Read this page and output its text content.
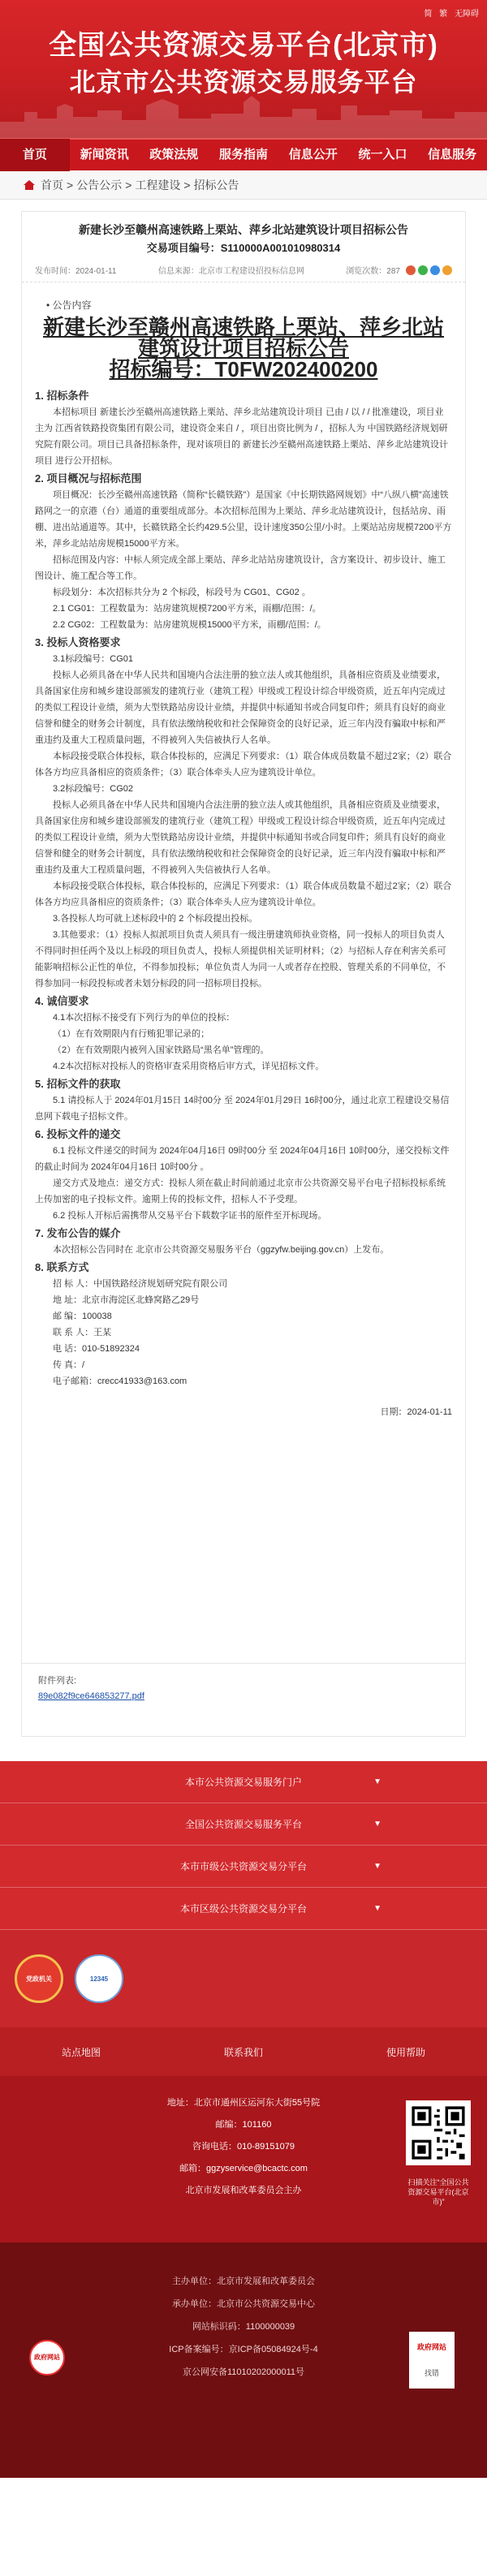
简 繁 无障碍
全国公共资源交易平台(北京市)
北京市公共资源交易服务平台
首页	新闻资讯	政策法规	服务指南	信息公开	统一入口	信息服务
首页 > 公告公示 > 工程建设 > 招标公告
新建长沙至赣州高速铁路上栗站、萍乡北站建筑设计项目招标公告
交易项目编号：S110000A001010980314
发布时间：2024-01-11	信息来源：北京市工程建设招投标信息网	浏览次数：287
• 公告内容
新建长沙至赣州高速铁路上栗站、萍乡北站建筑设计项目招标公告
招标编号：T0FW202400200
1. 招标条件
本招标项目 新建长沙至赣州高速铁路上栗站、萍乡北站建筑设计项目 已由 / 以 / / 批准建设，项目业主为 江西省铁路投资集团有限公司，建设资金来自 / ，项目出资比例为 / ，招标人为 中国铁路经济规划研究院有限公司。项目已具备招标条件，现对该项目的 新建长沙至赣州高速铁路上栗站、萍乡北站建筑设计项目 进行公开招标。
2. 项目概况与招标范围
项目概况：长沙至赣州高速铁路（简称“长赣铁路”）是国家《中长期铁路网规划》中“八纵八横”高速铁路网之一的京港（台）通道的重要组成部分。本次招标范围为上栗站、萍乡北站建筑设计，包括站房、雨棚、进出站通道等。其中，长赣铁路全长约429.5公里，设计速度350公里/小时。上栗站站房规模7200平方米，萍乡北站站房规模15000平方米。
招标范围及内容：中标人须完成全部上栗站、萍乡北站站房建筑设计，含方案设计、初步设计、施工图设计、施工配合等工作。
标段划分：本次招标共分为 2 个标段，标段号为 CG01、CG02 。
2.1 CG01：工程数量为：站房建筑规模7200平方米，雨棚/范围：/。
2.2 CG02：工程数量为：站房建筑规模15000平方米，雨棚/范围：/。
3. 投标人资格要求
3.1标段编号：CG01
投标人必须具备在中华人民共和国境内合法注册的独立法人或其他组织，具备相应资质及业绩要求，具备国家住房和城乡建设部颁发的建筑行业（建筑工程）甲级或工程设计综合甲级资质，近五年内完成过的类似工程设计业绩，须为大型铁路站房设计业绩，并提供中标通知书或合同复印件；须具有良好的商业信誉和健全的财务会计制度，具有依法缴纳税收和社会保障资金的良好记录，近三年内没有骗取中标和严重违约及重大工程质量问题，不得被列入失信被执行人名单。
本标段接受联合体投标，联合体投标的，应满足下列要求：（1）联合体成员数量不超过2家；（2）联合体各方均应具备相应的资质条件；（3）联合体牵头人应为建筑设计单位。
3.2标段编号：CG02
投标人必须具备在中华人民共和国境内合法注册的独立法人或其他组织，具备相应资质及业绩要求，具备国家住房和城乡建设部颁发的建筑行业（建筑工程）甲级或工程设计综合甲级资质，近五年内完成过的类似工程设计业绩，须为大型铁路站房设计业绩，并提供中标通知书或合同复印件；须具有良好的商业信誉和健全的财务会计制度，具有依法缴纳税收和社会保障资金的良好记录，近三年内没有骗取中标和严重违约及重大工程质量问题，不得被列入失信被执行人名单。
本标段接受联合体投标，联合体投标的，应满足下列要求：（1）联合体成员数量不超过2家；（2）联合体各方均应具备相应的资质条件；（3）联合体牵头人应为建筑设计单位。
3.各投标人均可就上述标段中的 2 个标段提出投标。
3.其他要求：（1）投标人拟派项目负责人须具有一级注册建筑师执业资格，同一投标人的项目负责人不得同时担任两个及以上标段的项目负责人，投标人须提供相关证明材料；（2）与招标人存在利害关系可能影响招标公正性的单位，不得参加投标；单位负责人为同一人或者存在控股、管理关系的不同单位，不得参加同一标段投标或者未划分标段的同一招标项目投标。
4. 诚信要求
4.1本次招标不接受有下列行为的单位的投标：
（1）在有效期限内有行贿犯罪记录的；
（2）在有效期限内被列入国家铁路局“黑名单”管理的。
4.2本次招标对投标人的资格审查采用资格后审方式，详见招标文件。
5. 招标文件的获取
5.1 请投标人于 2024年01月15日 14时00分 至 2024年01月29日 16时00分，通过北京工程建设交易信息网下载电子招标文件。
6. 投标文件的递交
6.1 投标文件递交的时间为 2024年04月16日 09时00分 至 2024年04月16日 10时00分，递交投标文件的截止时间为 2024年04月16日 10时00分 。
递交方式及地点：递交方式：投标人须在截止时间前通过北京市公共资源交易平台电子招标投标系统上传加密的电子投标文件。逾期上传的投标文件，招标人不予受理。
6.2 投标人开标后需携带从交易平台下载数字证书的原件至开标现场。
7. 发布公告的媒介
本次招标公告同时在 北京市公共资源交易服务平台（ggzyfw.beijing.gov.cn）上发布。
8. 联系方式
招 标 人：中国铁路经济规划研究院有限公司
地 址：北京市海淀区北蜂窝路乙29号
邮 编：100038
联 系 人：王某
电 话：010-51892324
传 真：/
电子邮箱：crecc41933@163.com
日期：2024-01-11
附件列表:
89e082f9ce646853277.pdf
本市公共资源交易服务门户	▼
全国公共资源交易服务平台	▼
本市市级公共资源交易分平台	▼
本市区级公共资源交易分平台	▼
党政机关	12345
站点地图	联系我们	使用帮助
地址：北京市通州区运河东大街55号院
邮编：101160
咨询电话：010-89151079
邮箱：ggzyservice@bcactc.com
北京市发展和改革委员会主办
扫描关注“全国公共资源交易平台(北京市)”
主办单位：北京市发展和改革委员会
承办单位：北京市公共资源交易中心
网站标识码：1100000039
ICP备案编号：京ICP备05084924号-4
京公网安备11010202000011号
政府网站
政府网站
找错
